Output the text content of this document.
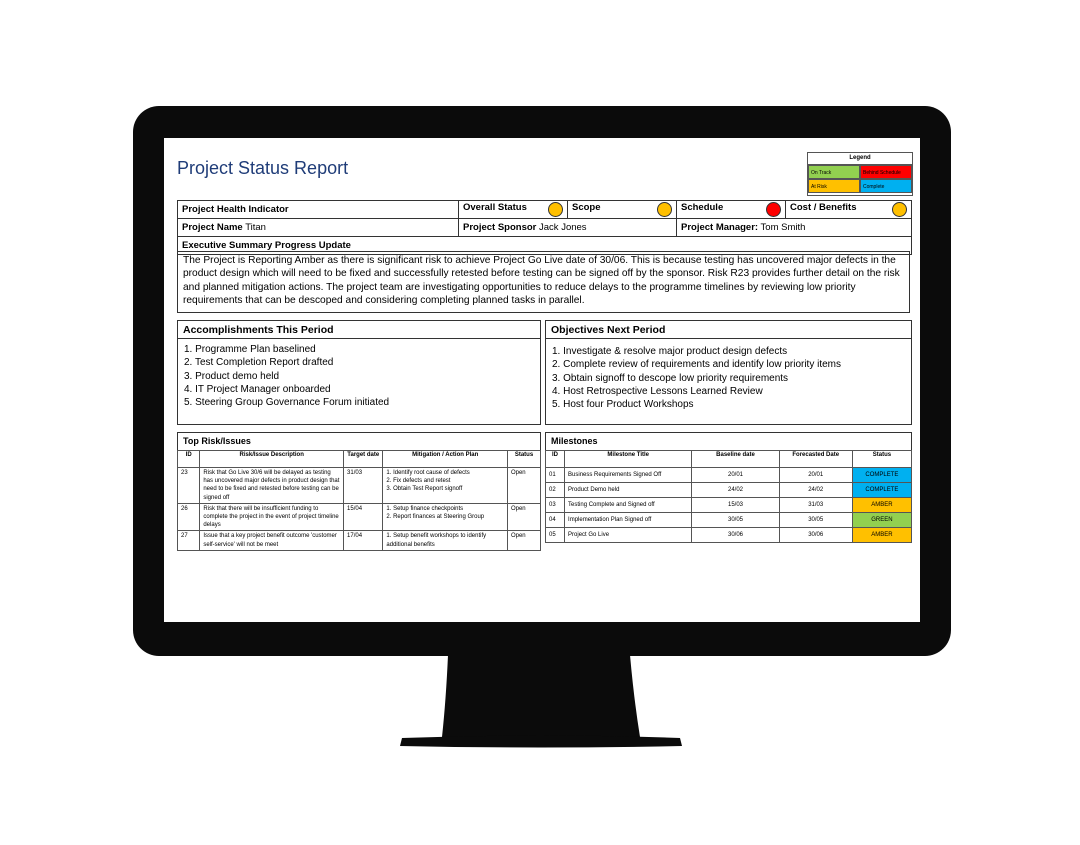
Project Status Report	Legend
On Track	Behind Schedule
At Risk	Complete
Project Health Indicator	Overall Status	Scope	Schedule	Cost / Benefits

Project Name Titan	Project Sponsor Jack Jones		Project Manager: Tom Smith	
Executive Summary Progress Update				
The Project is Reporting Amber as there is significant risk to achieve Project Go Live date of 30/06. This is because testing has uncovered major defects in the product design which will need to be fixed and successfully retested before testing can be signed off by the sponsor. Risk R23 provides further detail on the risk and planned mitigation actions. The project team are investigating opportunities to reduce delays to the programme timelines by reviewing low priority requirements that can be descoped and considering completing planned tasks in parallel.
Accomplishments This Period
1. Programme Plan baselined
2. Test Completion Report drafted
3. Product demo held
4. IT Project Manager onboarded
5. Steering Group Governance Forum initiated
Objectives Next Period
1. Investigate & resolve major product design defects
2. Complete review of requirements and identify low priority items
3. Obtain signoff to descope low priority requirements
4. Host Retrospective Lessons Learned Review
5. Host four Product Workshops
Top Risk/Issues
ID	Risk/Issue Description	Target date	Mitigation / Action Plan	Status
23	Risk that Go Live 30/6 will be delayed as testing has uncovered major defects in product design that need to be fixed and retested before testing can be signed off	31/03	1. Identify root cause of defects
2. Fix defects and retest
3. Obtain Test Report signoff	Open
26	Risk that there will be insufficient funding to complete the project in the event of project timeline delays	15/04	1. Setup finance checkpoints
2. Report finances at Steering Group	Open
27	Issue that a key project benefit outcome 'customer self-service' will not be meet	17/04	1. Setup benefit workshops to identify additional benefits	Open
Milestones
ID	Milestone Title	Baseline date	Forecasted Date	Status
01	Business Requirements Signed Off	20/01	20/01	COMPLETE
02	Product Demo held	24/02	24/02	COMPLETE
03	Testing Complete and Signed off	15/03	31/03	AMBER
04	Implementation Plan Signed off	30/05	30/05	GREEN
05	Project Go Live	30/06	30/06	AMBER
